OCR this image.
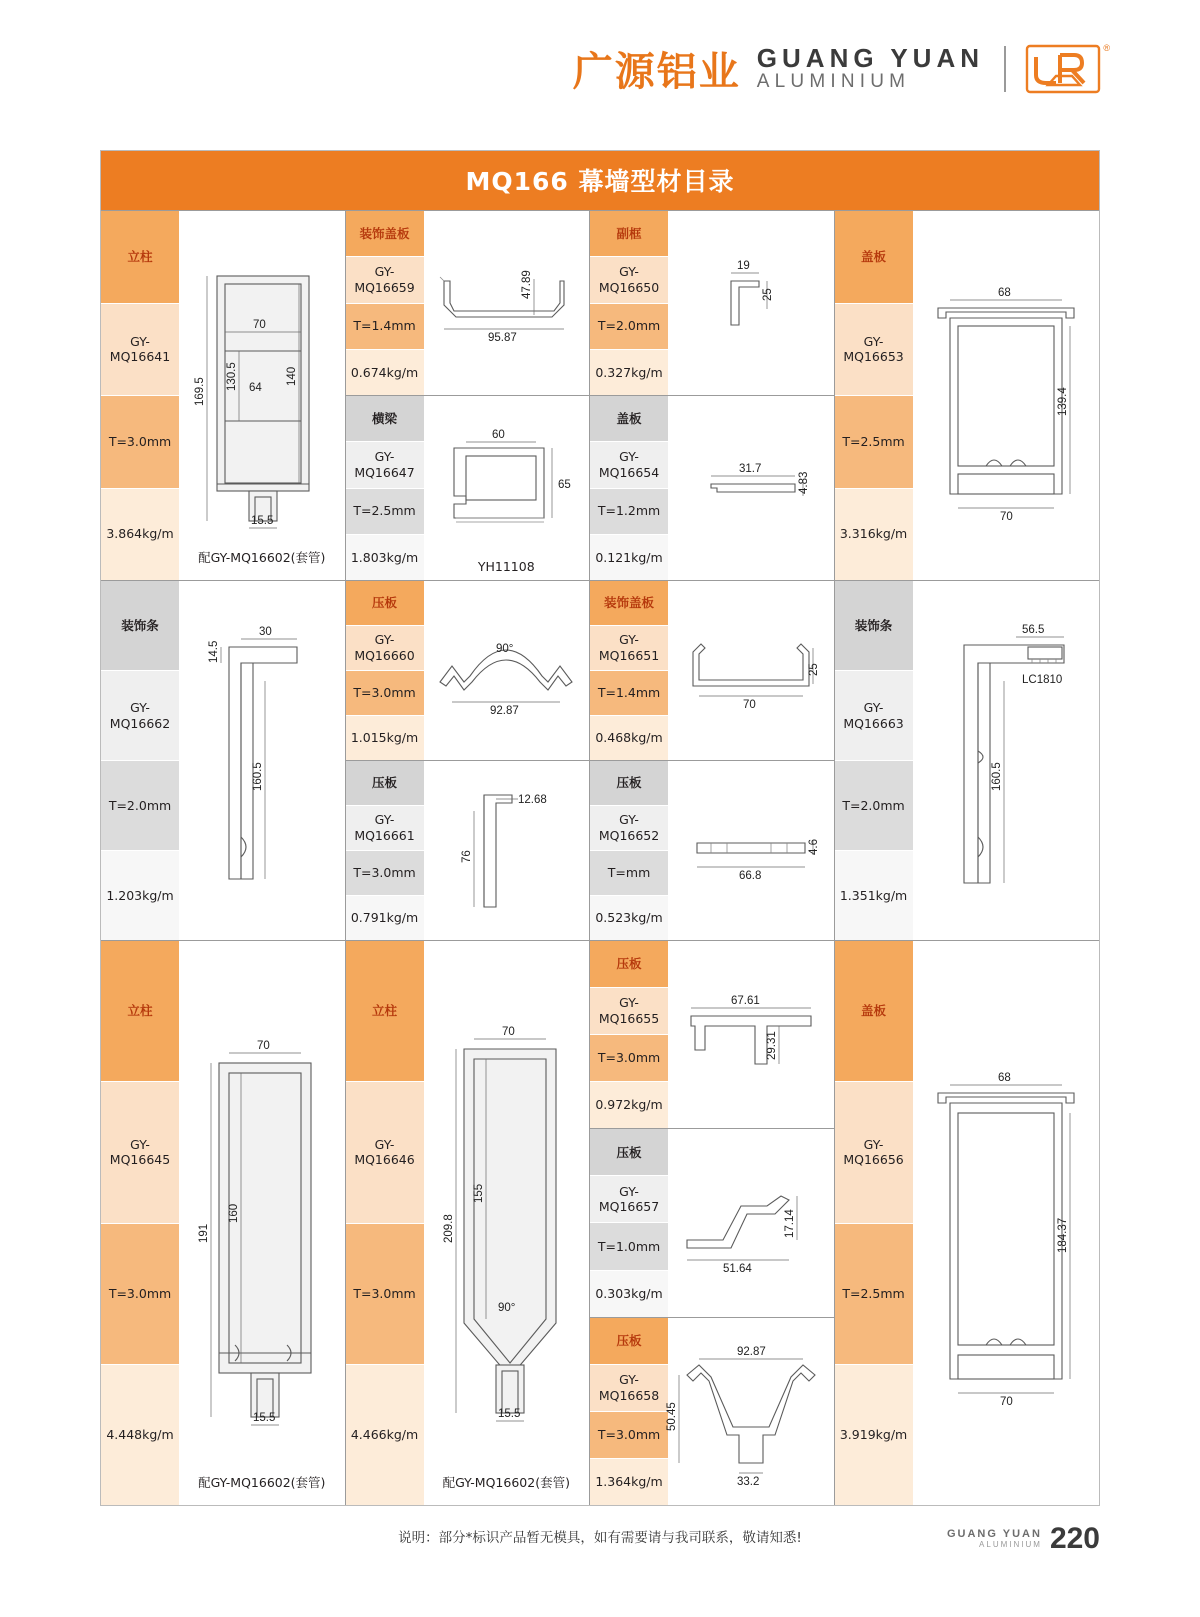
广源铝业 GUANG YUAN
ALUMINIUM
®
MQ166 幕墙型材目录
立柱
GY-MQ16641
T=3.0mm
3.864kg/m
70
130.5 64
140
169.5
15.5
配GY-MQ16602(套管)
装饰盖板
GY-MQ16659
T=1.4mm
0.674kg/m
47.89
95.87
横梁
GY-MQ16647
T=2.5mm
1.803kg/m
60
65
YH11108
副框
GY-MQ16650
T=2.0mm
0.327kg/m
19
25
盖板
GY-MQ16654
T=1.2mm
0.121kg/m
31.7
4.83
盖板
GY-MQ16653
T=2.5mm
3.316kg/m
68
139.4
70
装饰条
GY-MQ16662
T=2.0mm
1.203kg/m
30
14.5
160.5
压板
GY-MQ16660
T=3.0mm
1.015kg/m
90°
92.87
压板
GY-MQ16661
T=3.0mm
0.791kg/m
12.68
76
装饰盖板
GY-MQ16651
T=1.4mm
0.468kg/m
25
70
压板
GY-MQ16652
T=mm
0.523kg/m
4.6
66.8
装饰条
GY-MQ16663
T=2.0mm
1.351kg/m
56.5
LC1810
160.5
立柱
GY-MQ16645
T=3.0mm
4.448kg/m
70
160
191
15.5
配GY-MQ16602(套管)
立柱
GY-MQ16646
T=3.0mm
4.466kg/m
90°
70
155
209.8
15.5
配GY-MQ16602(套管)
压板
GY-MQ16655
T=3.0mm
0.972kg/m
67.61
29.31
压板
GY-MQ16657
T=1.0mm
0.303kg/m
17.14
51.64
压板
GY-MQ16658
T=3.0mm
1.364kg/m
92.87
50.45
33.2
盖板
GY-MQ16656
T=2.5mm
3.919kg/m
68
184.37
70
说明：部分*标识产品暂无模具，如有需要请与我司联系，敬请知悉!	GUANG YUAN
ALUMINIUM 220
